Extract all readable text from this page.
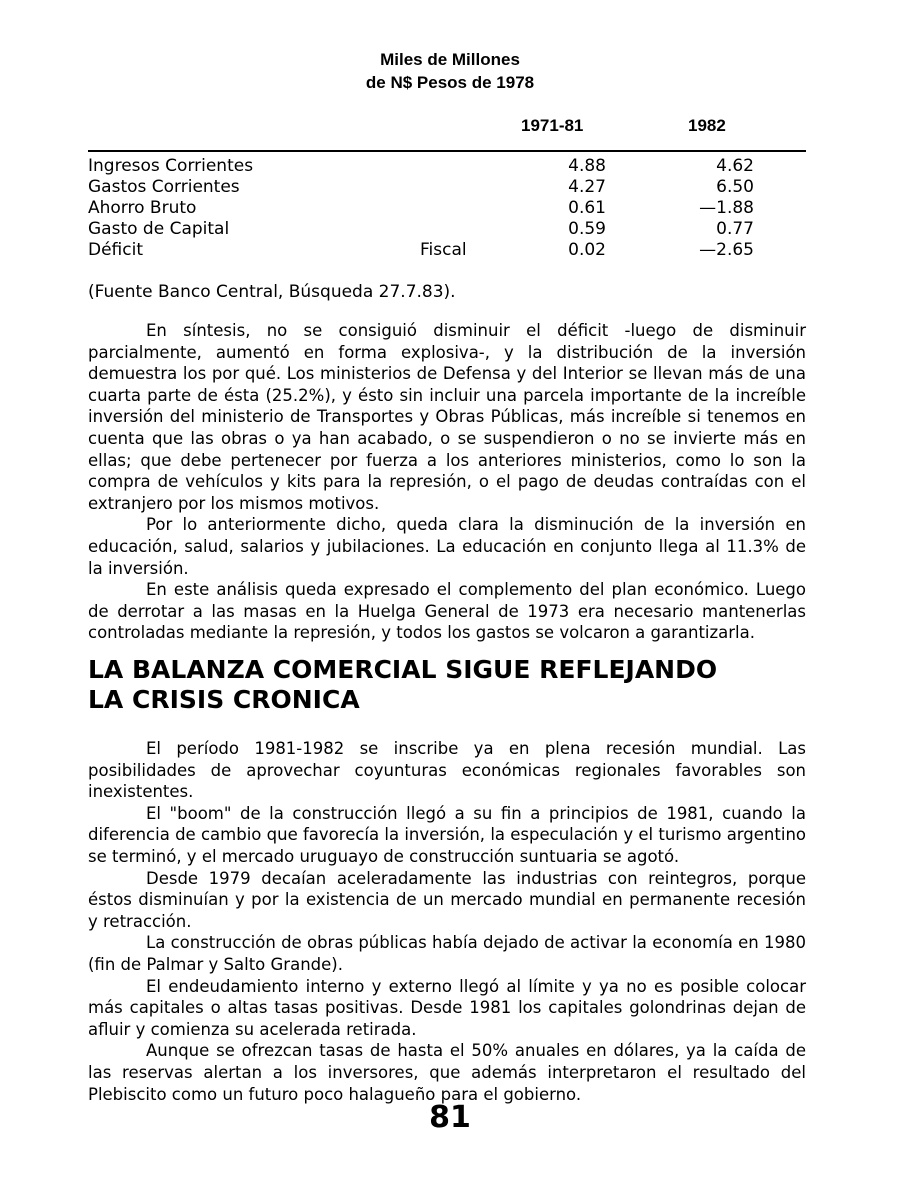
Miles de Millones
de N$ Pesos de 1978
1971-81	1982
Ingresos Corrientes	4.88	4.62
Gastos Corrientes	4.27	6.50
Ahorro Bruto	0.61	—1.88
Gasto de Capital	0.59	0.77
Déficit	Fiscal	0.02	—2.65
(Fuente Banco Central, Búsqueda 27.7.83).

En síntesis, no se consiguió disminuir el déficit -luego de disminuir parcialmente, aumentó en forma explosiva-, y la distribución de la inversión demuestra los por qué. Los ministerios de Defensa y del Interior se llevan más de una cuarta parte de ésta (25.2%), y ésto sin incluir una parcela importante de la increíble inversión del ministerio de Transportes y Obras Públicas, más increíble si tenemos en cuenta que las obras o ya han acabado, o se suspendieron o no se invierte más en ellas; que debe pertenecer por fuerza a los anteriores ministerios, como lo son la compra de vehículos y kits para la represión, o el pago de deudas contraídas con el extranjero por los mismos motivos.

Por lo anteriormente dicho, queda clara la disminución de la inversión en educación, salud, salarios y jubilaciones. La educación en conjunto llega al 11.3% de la inversión.

En este análisis queda expresado el complemento del plan económico. Luego de derrotar a las masas en la Huelga General de 1973 era necesario mantenerlas controladas mediante la represión, y todos los gastos se volcaron a garantizarla.

LA BALANZA COMERCIAL SIGUE REFLEJANDO
LA CRISIS CRONICA

El período 1981-1982 se inscribe ya en plena recesión mundial. Las posibilidades de aprovechar coyunturas económicas regionales favorables son inexistentes.

El "boom" de la construcción llegó a su fin a principios de 1981, cuando la diferencia de cambio que favorecía la inversión, la especulación y el turismo argentino se terminó, y el mercado uruguayo de construcción suntuaria se agotó.

Desde 1979 decaían aceleradamente las industrias con reintegros, porque éstos disminuían y por la existencia de un mercado mundial en permanente recesión y retracción.

La construcción de obras públicas había dejado de activar la economía en 1980 (fin de Palmar y Salto Grande).

El endeudamiento interno y externo llegó al límite y ya no es posible colocar más capitales o altas tasas positivas. Desde 1981 los capitales golondrinas dejan de afluir y comienza su acelerada retirada.

Aunque se ofrezcan tasas de hasta el 50% anuales en dólares, ya la caída de las reservas alertan a los inversores, que además interpretaron el resultado del Plebiscito como un futuro poco halagueño para el gobierno.

81
